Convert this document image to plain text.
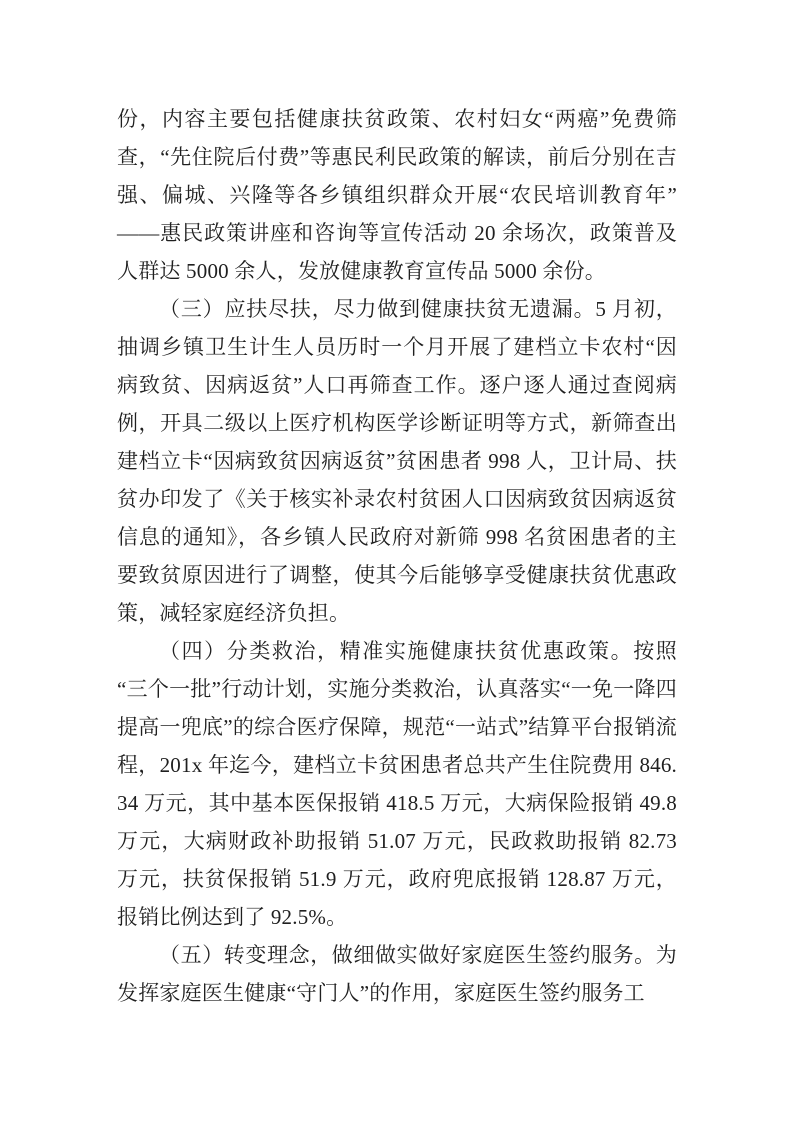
份，内容主要包括健康扶贫政策、农村妇女“两癌”免费筛查，“先住院后付费”等惠民利民政策的解读，前后分别在吉强、偏城、兴隆等各乡镇组织群众开展“农民培训教育年”——惠民政策讲座和咨询等宣传活动 20 余场次，政策普及人群达 5000 余人，发放健康教育宣传品 5000 余份。

（三）应扶尽扶，尽力做到健康扶贫无遗漏。5 月初，抽调乡镇卫生计生人员历时一个月开展了建档立卡农村“因病致贫、因病返贫”人口再筛查工作。逐户逐人通过查阅病例，开具二级以上医疗机构医学诊断证明等方式，新筛查出建档立卡“因病致贫因病返贫”贫困患者 998 人，卫计局、扶贫办印发了《关于核实补录农村贫困人口因病致贫因病返贫信息的通知》，各乡镇人民政府对新筛 998 名贫困患者的主要致贫原因进行了调整，使其今后能够享受健康扶贫优惠政策，减轻家庭经济负担。

（四）分类救治，精准实施健康扶贫优惠政策。按照“三个一批”行动计划，实施分类救治，认真落实“一免一降四提高一兜底”的综合医疗保障，规范“一站式”结算平台报销流程，201x 年迄今，建档立卡贫困患者总共产生住院费用 846.34 万元，其中基本医保报销 418.5 万元，大病保险报销 49.8 万元，大病财政补助报销 51.07 万元，民政救助报销 82.73 万元，扶贫保报销 51.9 万元，政府兜底报销 128.87 万元，报销比例达到了 92.5%。

（五）转变理念，做细做实做好家庭医生签约服务。为发挥家庭医生健康“守门人”的作用，家庭医生签约服务工
